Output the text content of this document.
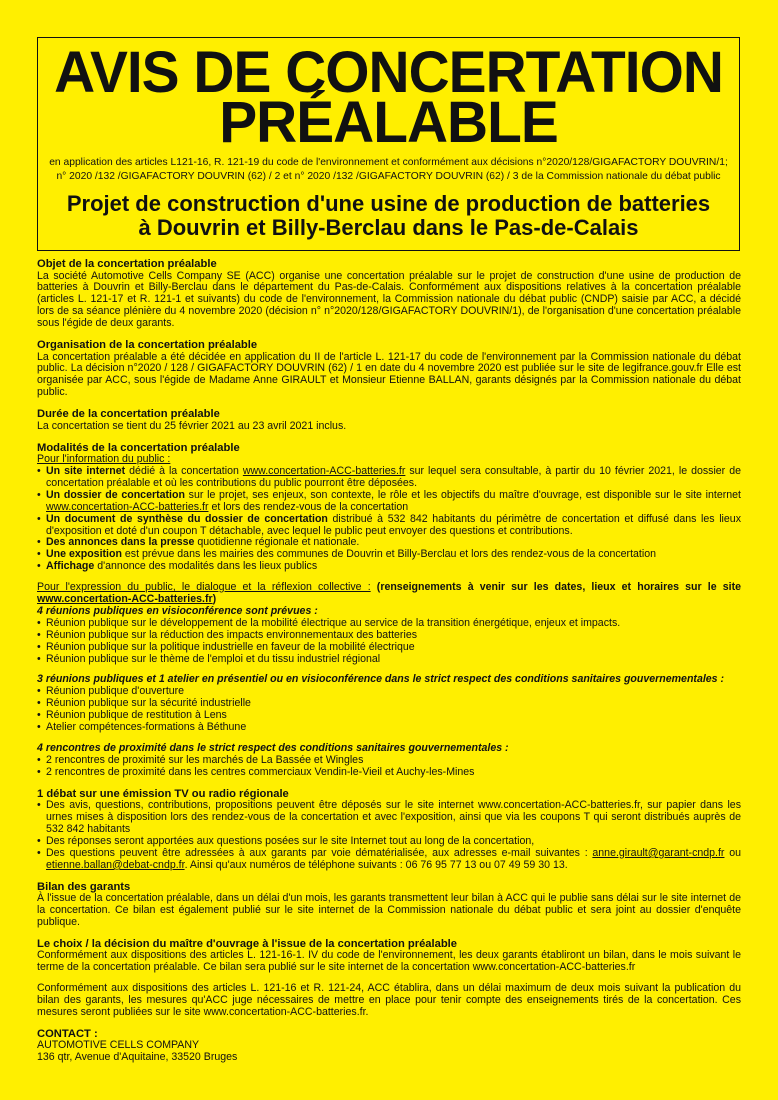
AVIS DE CONCERTATION
PRÉALABLE
en application des articles L121-16, R. 121-19 du code de l'environnement et conformément aux décisions n°2020/128/GIGAFACTORY DOUVRIN/1;
n° 2020 /132 /GIGAFACTORY DOUVRIN (62) / 2 et n° 2020 /132 /GIGAFACTORY DOUVRIN (62) / 3 de la Commission nationale du débat public
Projet de construction d'une usine de production de batteries
à Douvrin et Billy-Berclau dans le Pas-de-Calais
Objet de la concertation préalable

La société Automotive Cells Company SE (ACC) organise une concertation préalable sur le projet de construction d'une usine de production de batteries à Douvrin et Billy-Berclau dans le département du Pas-de-Calais. Conformément aux dispositions relatives à la concertation préalable (articles L. 121-17 et R. 121-1 et suivants) du code de l'environnement, la Commission nationale du débat public (CNDP) saisie par ACC, a décidé lors de sa séance plénière du 4 novembre 2020 (décision n° n°2020/128/GIGAFACTORY DOUVRIN/1), de l'organisation d'une concertation préalable sous l'égide de deux garants.

Organisation de la concertation préalable

La concertation préalable a été décidée en application du II de l'article L. 121-17 du code de l'environnement par la Commission nationale du débat public. La décision n°2020 / 128 / GIGAFACTORY DOUVRIN (62) / 1 en date du 4 novembre 2020 est publiée sur le site de legifrance.gouv.fr Elle est organisée par ACC, sous l'égide de Madame Anne GIRAULT et Monsieur Etienne BALLAN, garants désignés par la Commission nationale du débat public.

Durée de la concertation préalable

La concertation se tient du 25 février 2021 au 23 avril 2021 inclus.

Modalités de la concertation préalable
Pour l'information du public :
• Un site internet dédié à la concertation www.concertation-ACC-batteries.fr sur lequel sera consultable, à partir du 10 février 2021, le dossier de concertation préalable et où les contributions du public pourront être déposées.
• Un dossier de concertation sur le projet, ses enjeux, son contexte, le rôle et les objectifs du maître d'ouvrage, est disponible sur le site internet www.concertation-ACC-batteries.fr et lors des rendez-vous de la concertation
• Un document de synthèse du dossier de concertation distribué à 532 842 habitants du périmètre de concertation et diffusé dans les lieux d'exposition et doté d'un coupon T détachable, avec lequel le public peut envoyer des questions et contributions.
• Des annonces dans la presse quotidienne régionale et nationale.
• Une exposition est prévue dans les mairies des communes de Douvrin et Billy-Berclau et lors des rendez-vous de la concertation
• Affichage d'annonce des modalités dans les lieux publics

Pour l'expression du public, le dialogue et la réflexion collective : (renseignements à venir sur les dates, lieux et horaires sur le site www.concertation-ACC-batteries.fr)

4 réunions publiques en visioconférence sont prévues :
• Réunion publique sur le développement de la mobilité électrique au service de la transition énergétique, enjeux et impacts.
• Réunion publique sur la réduction des impacts environnementaux des batteries
• Réunion publique sur la politique industrielle en faveur de la mobilité électrique
• Réunion publique sur le thème de l'emploi et du tissu industriel régional
3 réunions publiques et 1 atelier en présentiel ou en visioconférence dans le strict respect des conditions sanitaires gouvernementales :
• Réunion publique d'ouverture
• Réunion publique sur la sécurité industrielle
• Réunion publique de restitution à Lens
• Atelier compétences-formations à Béthune
4 rencontres de proximité dans le strict respect des conditions sanitaires gouvernementales :
• 2 rencontres de proximité sur les marchés de La Bassée et Wingles
• 2 rencontres de proximité dans les centres commerciaux Vendin-le-Vieil et Auchy-les-Mines
1 débat sur une émission TV ou radio régionale
• Des avis, questions, contributions, propositions peuvent être déposés sur le site internet www.concertation-ACC-batteries.fr, sur papier dans les urnes mises à disposition lors des rendez-vous de la concertation et avec l'exposition, ainsi que via les coupons T qui seront distribués auprès de 532 842 habitants
• Des réponses seront apportées aux questions posées sur le site Internet tout au long de la concertation,
• Des questions peuvent être adressées à aux garants par voie dématérialisée, aux adresses e-mail suivantes : anne.girault@garant-cndp.fr ou etienne.ballan@debat-cndp.fr. Ainsi qu'aux numéros de téléphone suivants : 06 76 95 77 13 ou 07 49 59 30 13.
Bilan des garants

À l'issue de la concertation préalable, dans un délai d'un mois, les garants transmettent leur bilan à ACC qui le publie sans délai sur le site internet de la concertation. Ce bilan est également publié sur le site internet de la Commission nationale du débat public et sera joint au dossier d'enquête publique.

Le choix / la décision du maître d'ouvrage à l'issue de la concertation préalable

Conformément aux dispositions des articles L. 121-16-1. IV du code de l'environnement, les deux garants établiront un bilan, dans le mois suivant le terme de la concertation préalable. Ce bilan sera publié sur le site internet de la concertation www.concertation-ACC-batteries.fr

Conformément aux dispositions des articles L. 121-16 et R. 121-24, ACC établira, dans un délai maximum de deux mois suivant la publication du bilan des garants, les mesures qu'ACC juge nécessaires de mettre en place pour tenir compte des enseignements tirés de la concertation. Ces mesures seront publiées sur le site www.concertation-ACC-batteries.fr.

CONTACT :
AUTOMOTIVE CELLS COMPANY
136 qtr, Avenue d'Aquitaine, 33520 Bruges
